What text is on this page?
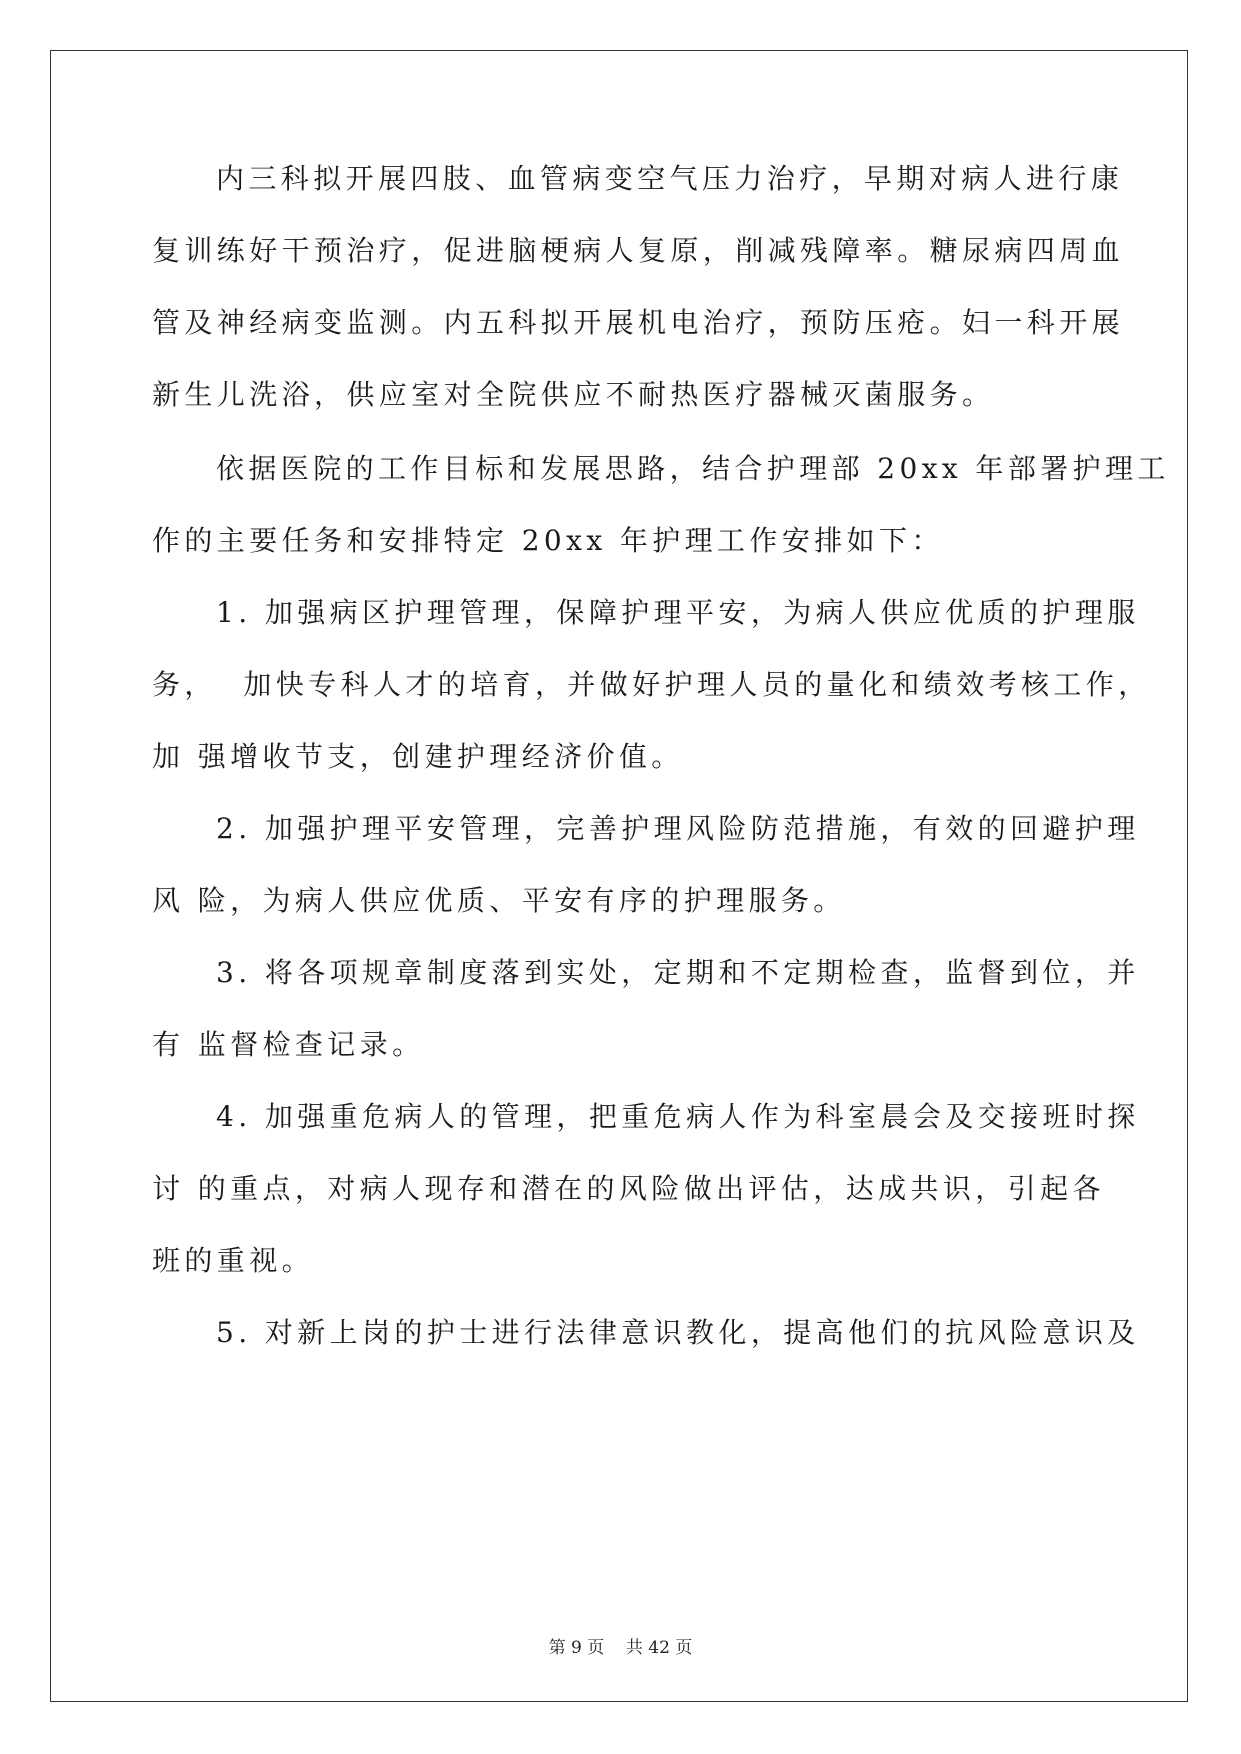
内三科拟开展四肢、血管病变空气压力治疗，早期对病人进行康
复训练好干预治疗，促进脑梗病人复原，削减残障率。糖尿病四周血
管及神经病变监测。内五科拟开展机电治疗，预防压疮。妇一科开展
新生儿洗浴，供应室对全院供应不耐热医疗器械灭菌服务。
依据医院的工作目标和发展思路，结合护理部 20xx 年部署护理工
作的主要任务和安排特定 20xx 年护理工作安排如下：
1. 加强病区护理管理，保障护理平安，为病人供应优质的护理服
务，  加快专科人才的培育，并做好护理人员的量化和绩效考核工作，
加 强增收节支，创建护理经济价值。
2. 加强护理平安管理，完善护理风险防范措施，有效的回避护理
风 险，为病人供应优质、平安有序的护理服务。
3. 将各项规章制度落到实处，定期和不定期检查，监督到位，并
有 监督检查记录。
4. 加强重危病人的管理，把重危病人作为科室晨会及交接班时探
讨 的重点，对病人现存和潜在的风险做出评估，达成共识，引起各
班的重视。
5. 对新上岗的护士进行法律意识教化，提高他们的抗风险意识及
第 9 页    共 42 页
